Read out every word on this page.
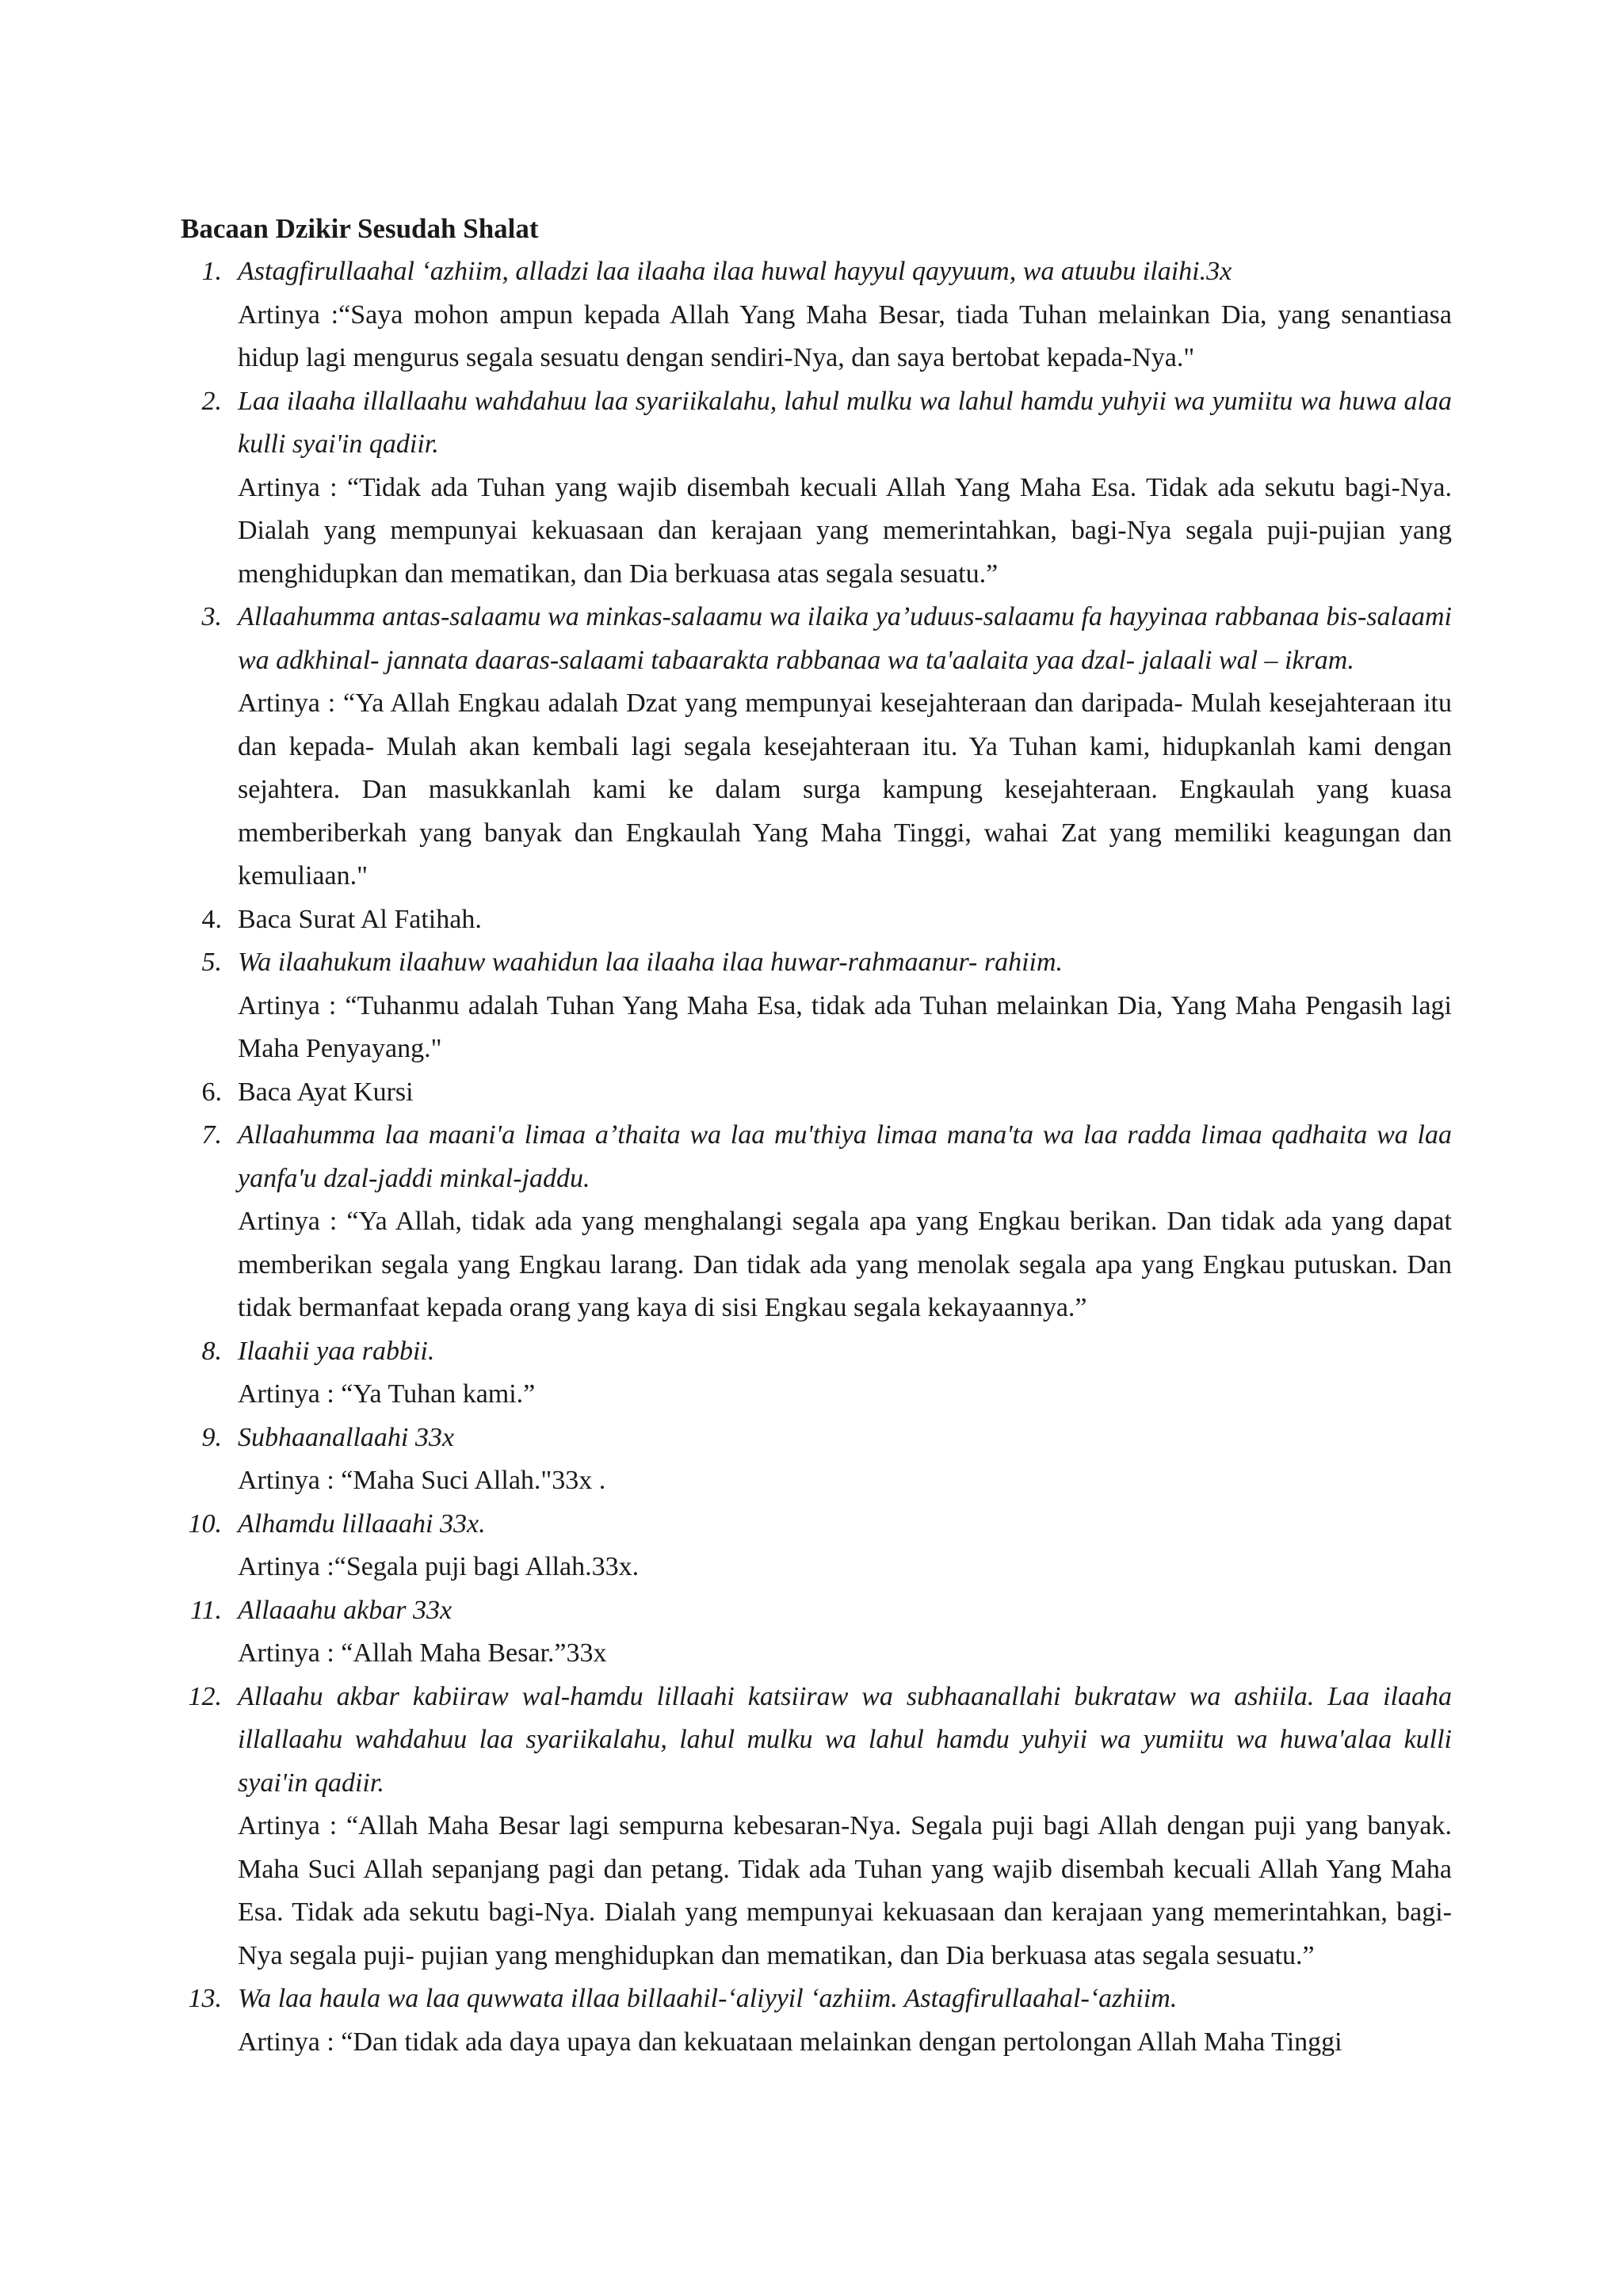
Bacaan Dzikir Sesudah Shalat
1. Astagfirullaahal ʻazhiim, alladzi laa ilaaha ilaa huwal hayyul qayyuum, wa atuubu ilaihi.3x

Artinya :“Saya mohon ampun kepada Allah Yang Maha Besar, tiada Tuhan melainkan Dia, yang senantiasa hidup lagi mengurus segala sesuatu dengan sendiri-Nya, dan saya bertobat kepada-Nya."

2. Laa ilaaha illallaahu wahdahuu laa syariikalahu, lahul mulku wa lahul hamdu yuhyii wa yumiitu wa huwa alaa kulli syai'in qadiir.

Artinya : “Tidak ada Tuhan yang wajib disembah kecuali Allah Yang Maha Esa. Tidak ada sekutu bagi-Nya. Dialah yang mempunyai kekuasaan dan kerajaan yang memerintahkan, bagi-Nya segala puji-pujian yang menghidupkan dan mematikan, dan Dia berkuasa atas segala sesuatu.”

3. Allaahumma antas-salaamu wa minkas-salaamu wa ilaika yaʼuduus-salaamu fa hayyinaa rabbanaa bis-salaami wa adkhinal- jannata daaras-salaami tabaarakta rabbanaa wa ta'aalaita yaa dzal- jalaali wal – ikram.

Artinya : “Ya Allah Engkau adalah Dzat yang mempunyai kesejahteraan dan daripada- Mulah kesejahteraan itu dan kepada- Mulah akan kembali lagi segala kesejahteraan itu. Ya Tuhan kami, hidupkanlah kami dengan sejahtera. Dan masukkanlah kami ke dalam surga kampung kesejahteraan. Engkaulah yang kuasa memberiberkah yang banyak dan Engkaulah Yang Maha Tinggi, wahai Zat yang memiliki keagungan dan kemuliaan."

4. Baca Surat Al Fatihah.

5. Wa ilaahukum ilaahuw waahidun laa ilaaha ilaa huwar-rahmaanur- rahiim.

Artinya : “Tuhanmu adalah Tuhan Yang Maha Esa, tidak ada Tuhan melainkan Dia, Yang Maha Pengasih lagi Maha Penyayang."

6. Baca Ayat Kursi

7. Allaahumma laa maani'a limaa aʼthaita wa laa mu'thiya limaa mana'ta wa laa radda limaa qadhaita wa laa yanfa'u dzal-jaddi minkal-jaddu.

Artinya : “Ya Allah, tidak ada yang menghalangi segala apa yang Engkau berikan. Dan tidak ada yang dapat memberikan segala yang Engkau larang. Dan tidak ada yang menolak segala apa yang Engkau putuskan. Dan tidak bermanfaat kepada orang yang kaya di sisi Engkau segala kekayaannya.”

8. Ilaahii yaa rabbii.

Artinya : “Ya Tuhan kami.”

9. Subhaanallaahi 33x

Artinya : “Maha Suci Allah."33x .

10. Alhamdu lillaaahi 33x.

Artinya :“Segala puji bagi Allah.33x.

11. Allaaahu akbar 33x

Artinya : “Allah Maha Besar.”33x

12. Allaahu akbar kabiiraw wal-hamdu lillaahi katsiiraw wa subhaanallahi bukrataw wa ashiila. Laa ilaaha illallaahu wahdahuu laa syariikalahu, lahul mulku wa lahul hamdu yuhyii wa yumiitu wa huwa'alaa kulli syai'in qadiir.

Artinya : “Allah Maha Besar lagi sempurna kebesaran-Nya. Segala puji bagi Allah dengan puji yang banyak. Maha Suci Allah sepanjang pagi dan petang. Tidak ada Tuhan yang wajib disembah kecuali Allah Yang Maha Esa. Tidak ada sekutu bagi-Nya. Dialah yang mempunyai kekuasaan dan kerajaan yang memerintahkan, bagi-Nya segala puji- pujian yang menghidupkan dan mematikan, dan Dia berkuasa atas segala sesuatu.”

13. Wa laa haula wa laa quwwata illaa billaahil-ʻaliyyil ʻazhiim. Astagfirullaahal-ʻazhiim.

Artinya : “Dan tidak ada daya upaya dan kekuataan melainkan dengan pertolongan Allah Maha Tinggi
